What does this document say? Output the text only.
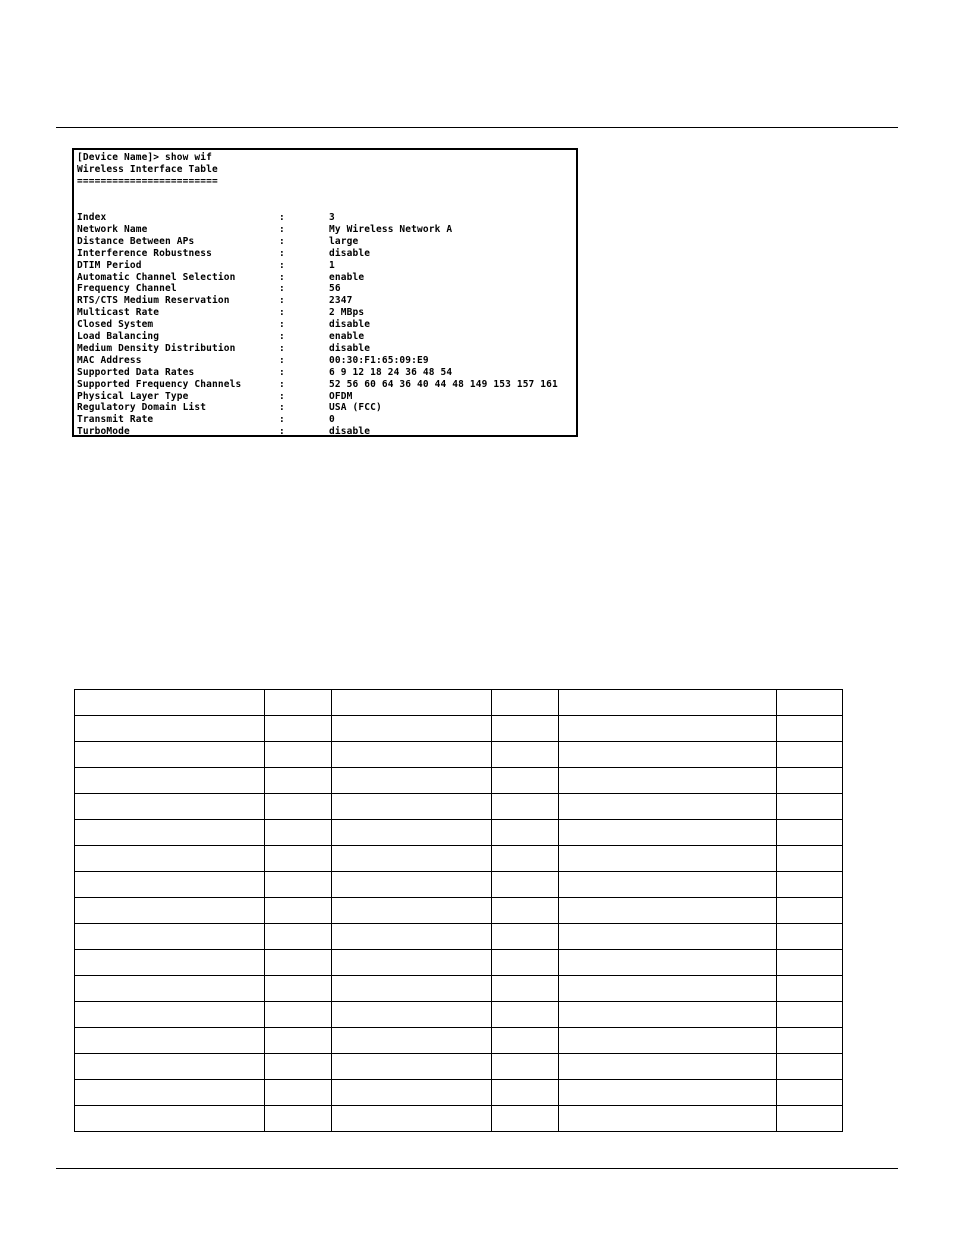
[Device Name]> show wif
Wireless Interface Table
========================
Index	:	3
Network Name	:	My Wireless Network A
Distance Between APs	:	large
Interference Robustness	:	disable
DTIM Period	:	1
Automatic Channel Selection	:	enable
Frequency Channel	:	56
RTS/CTS Medium Reservation	:	2347
Multicast Rate	:	2 MBps
Closed System	:	disable
Load Balancing	:	enable
Medium Density Distribution	:	disable
MAC Address	:	00:30:F1:65:09:E9
Supported Data Rates	:	6 9 12 18 24 36 48 54
Supported Frequency Channels	:	52 56 60 64 36 40 44 48 149 153 157 161
Physical Layer Type	:	OFDM
Regulatory Domain List	:	USA (FCC)
Transmit Rate	:	0
TurboMode	:	disable
